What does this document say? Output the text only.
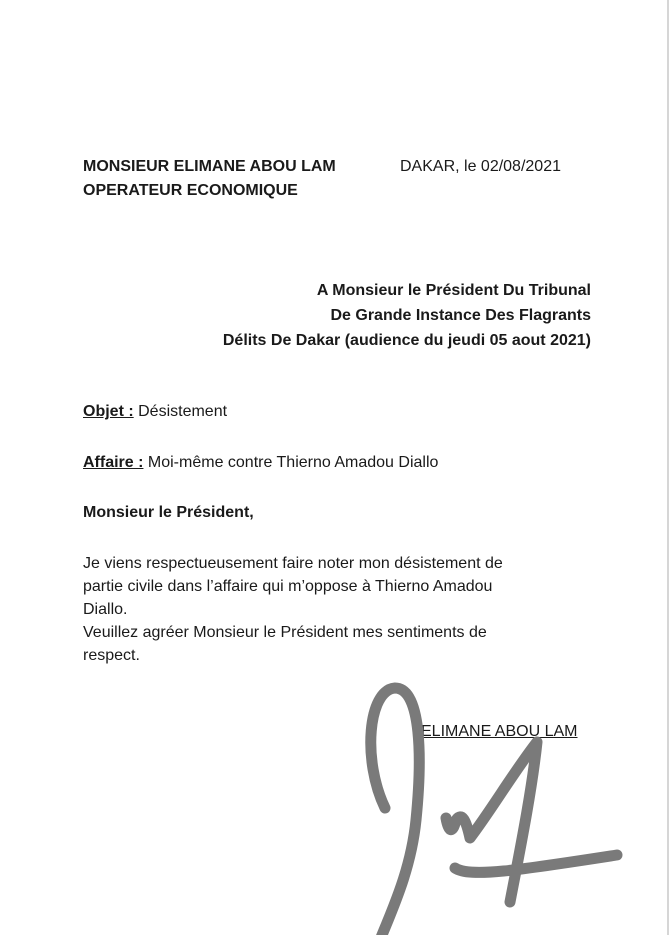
MONSIEUR ELIMANE ABOU LAM
OPERATEUR ECONOMIQUE
DAKAR, le 02/08/2021
A Monsieur le Président Du Tribunal
De Grande Instance Des Flagrants
Délits De Dakar (audience du jeudi 05 aout 2021)
Objet : Désistement
Affaire : Moi-même contre Thierno Amadou Diallo
Monsieur le Président,
Je viens respectueusement faire noter mon désistement de
partie civile dans l’affaire qui m’oppose à Thierno Amadou
Diallo.
Veuillez agréer Monsieur le Président mes sentiments de
respect.
ELIMANE ABOU LAM
